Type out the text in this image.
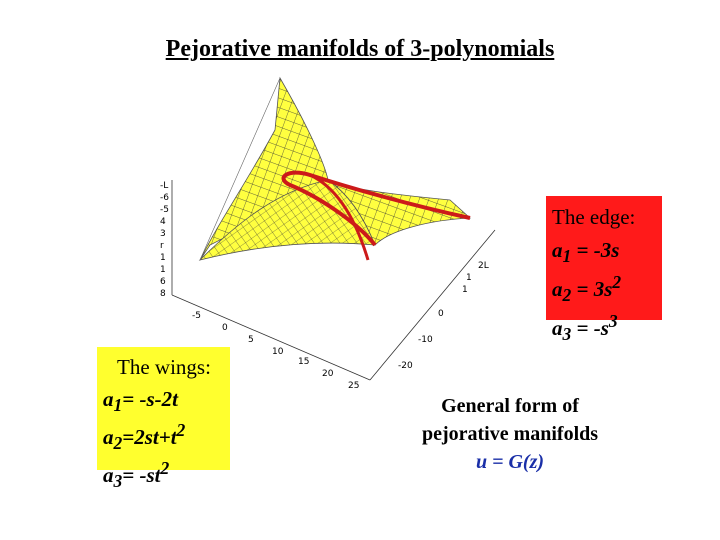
Pejorative manifolds of 3-polynomials
-L
-6
-5
4
3
r
1
1
6
8
-5
0
5
10
15
20
25
-20
-10
0
1
1
2L
The edge:
$a_1 = -3s$
$a_2 = 3s^2$
$a_3 = -s^3$
The wings:
$a_1= -s-2t$
$a_2=2st+t^2$
$a_3= -st^2$
General form of
pejorative manifolds
u = G(z)
